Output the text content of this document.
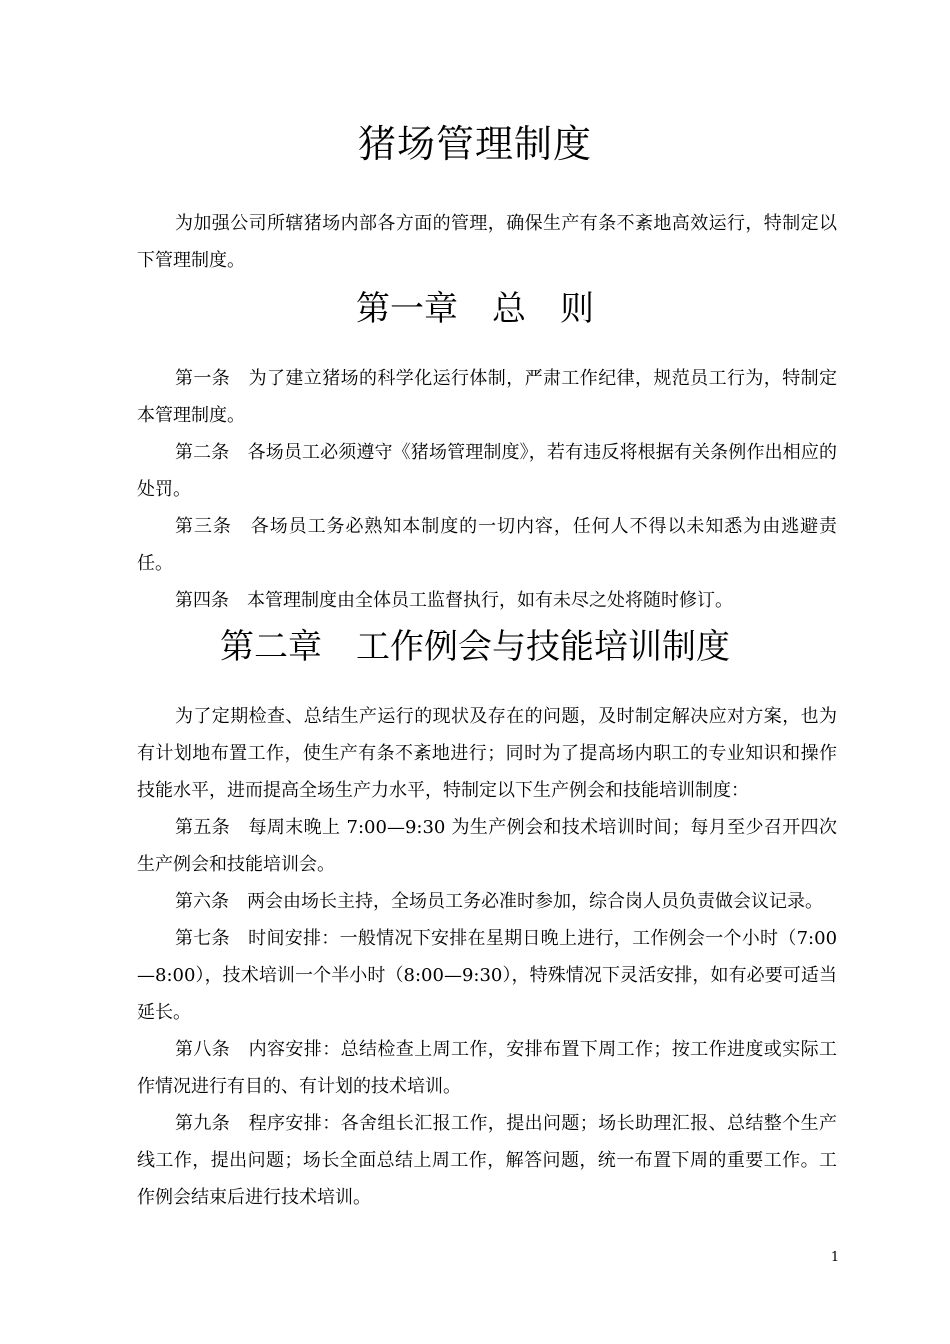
猪场管理制度

为加强公司所辖猪场内部各方面的管理，确保生产有条不紊地高效运行，特制定以下管理制度。

第一章　总　则

第一条　 为了建立猪场的科学化运行体制，严肃工作纪律，规范员工行为，特制定本管理制度。

第二条　 各场员工必须遵守《猪场管理制度》，若有违反将根据有关条例作出相应的处罚。

第三条　 各场员工务必熟知本制度的一切内容，任何人不得以未知悉为由逃避责任。

第四条　 本管理制度由全体员工监督执行，如有未尽之处将随时修订。

第二章　工作例会与技能培训制度

为了定期检查、总结生产运行的现状及存在的问题，及时制定解决应对方案，也为有计划地布置工作，使生产有条不紊地进行；同时为了提高场内职工的专业知识和操作技能水平，进而提高全场生产力水平，特制定以下生产例会和技能培训制度：

第五条　 每周末晚上 7:00—9:30 为生产例会和技术培训时间；每月至少召开四次生产例会和技能培训会。

第六条　 两会由场长主持，全场员工务必准时参加，综合岗人员负责做会议记录。

第七条　 时间安排：一般情况下安排在星期日晚上进行，工作例会一个小时（7:00—8:00），技术培训一个半小时（8:00—9:30），特殊情况下灵活安排，如有必要可适当延长。

第八条　 内容安排：总结检查上周工作，安排布置下周工作；按工作进度或实际工作情况进行有目的、有计划的技术培训。

第九条　 程序安排：各舍组长汇报工作，提出问题；场长助理汇报、总结整个生产线工作，提出问题；场长全面总结上周工作，解答问题，统一布置下周的重要工作。工作例会结束后进行技术培训。

1
